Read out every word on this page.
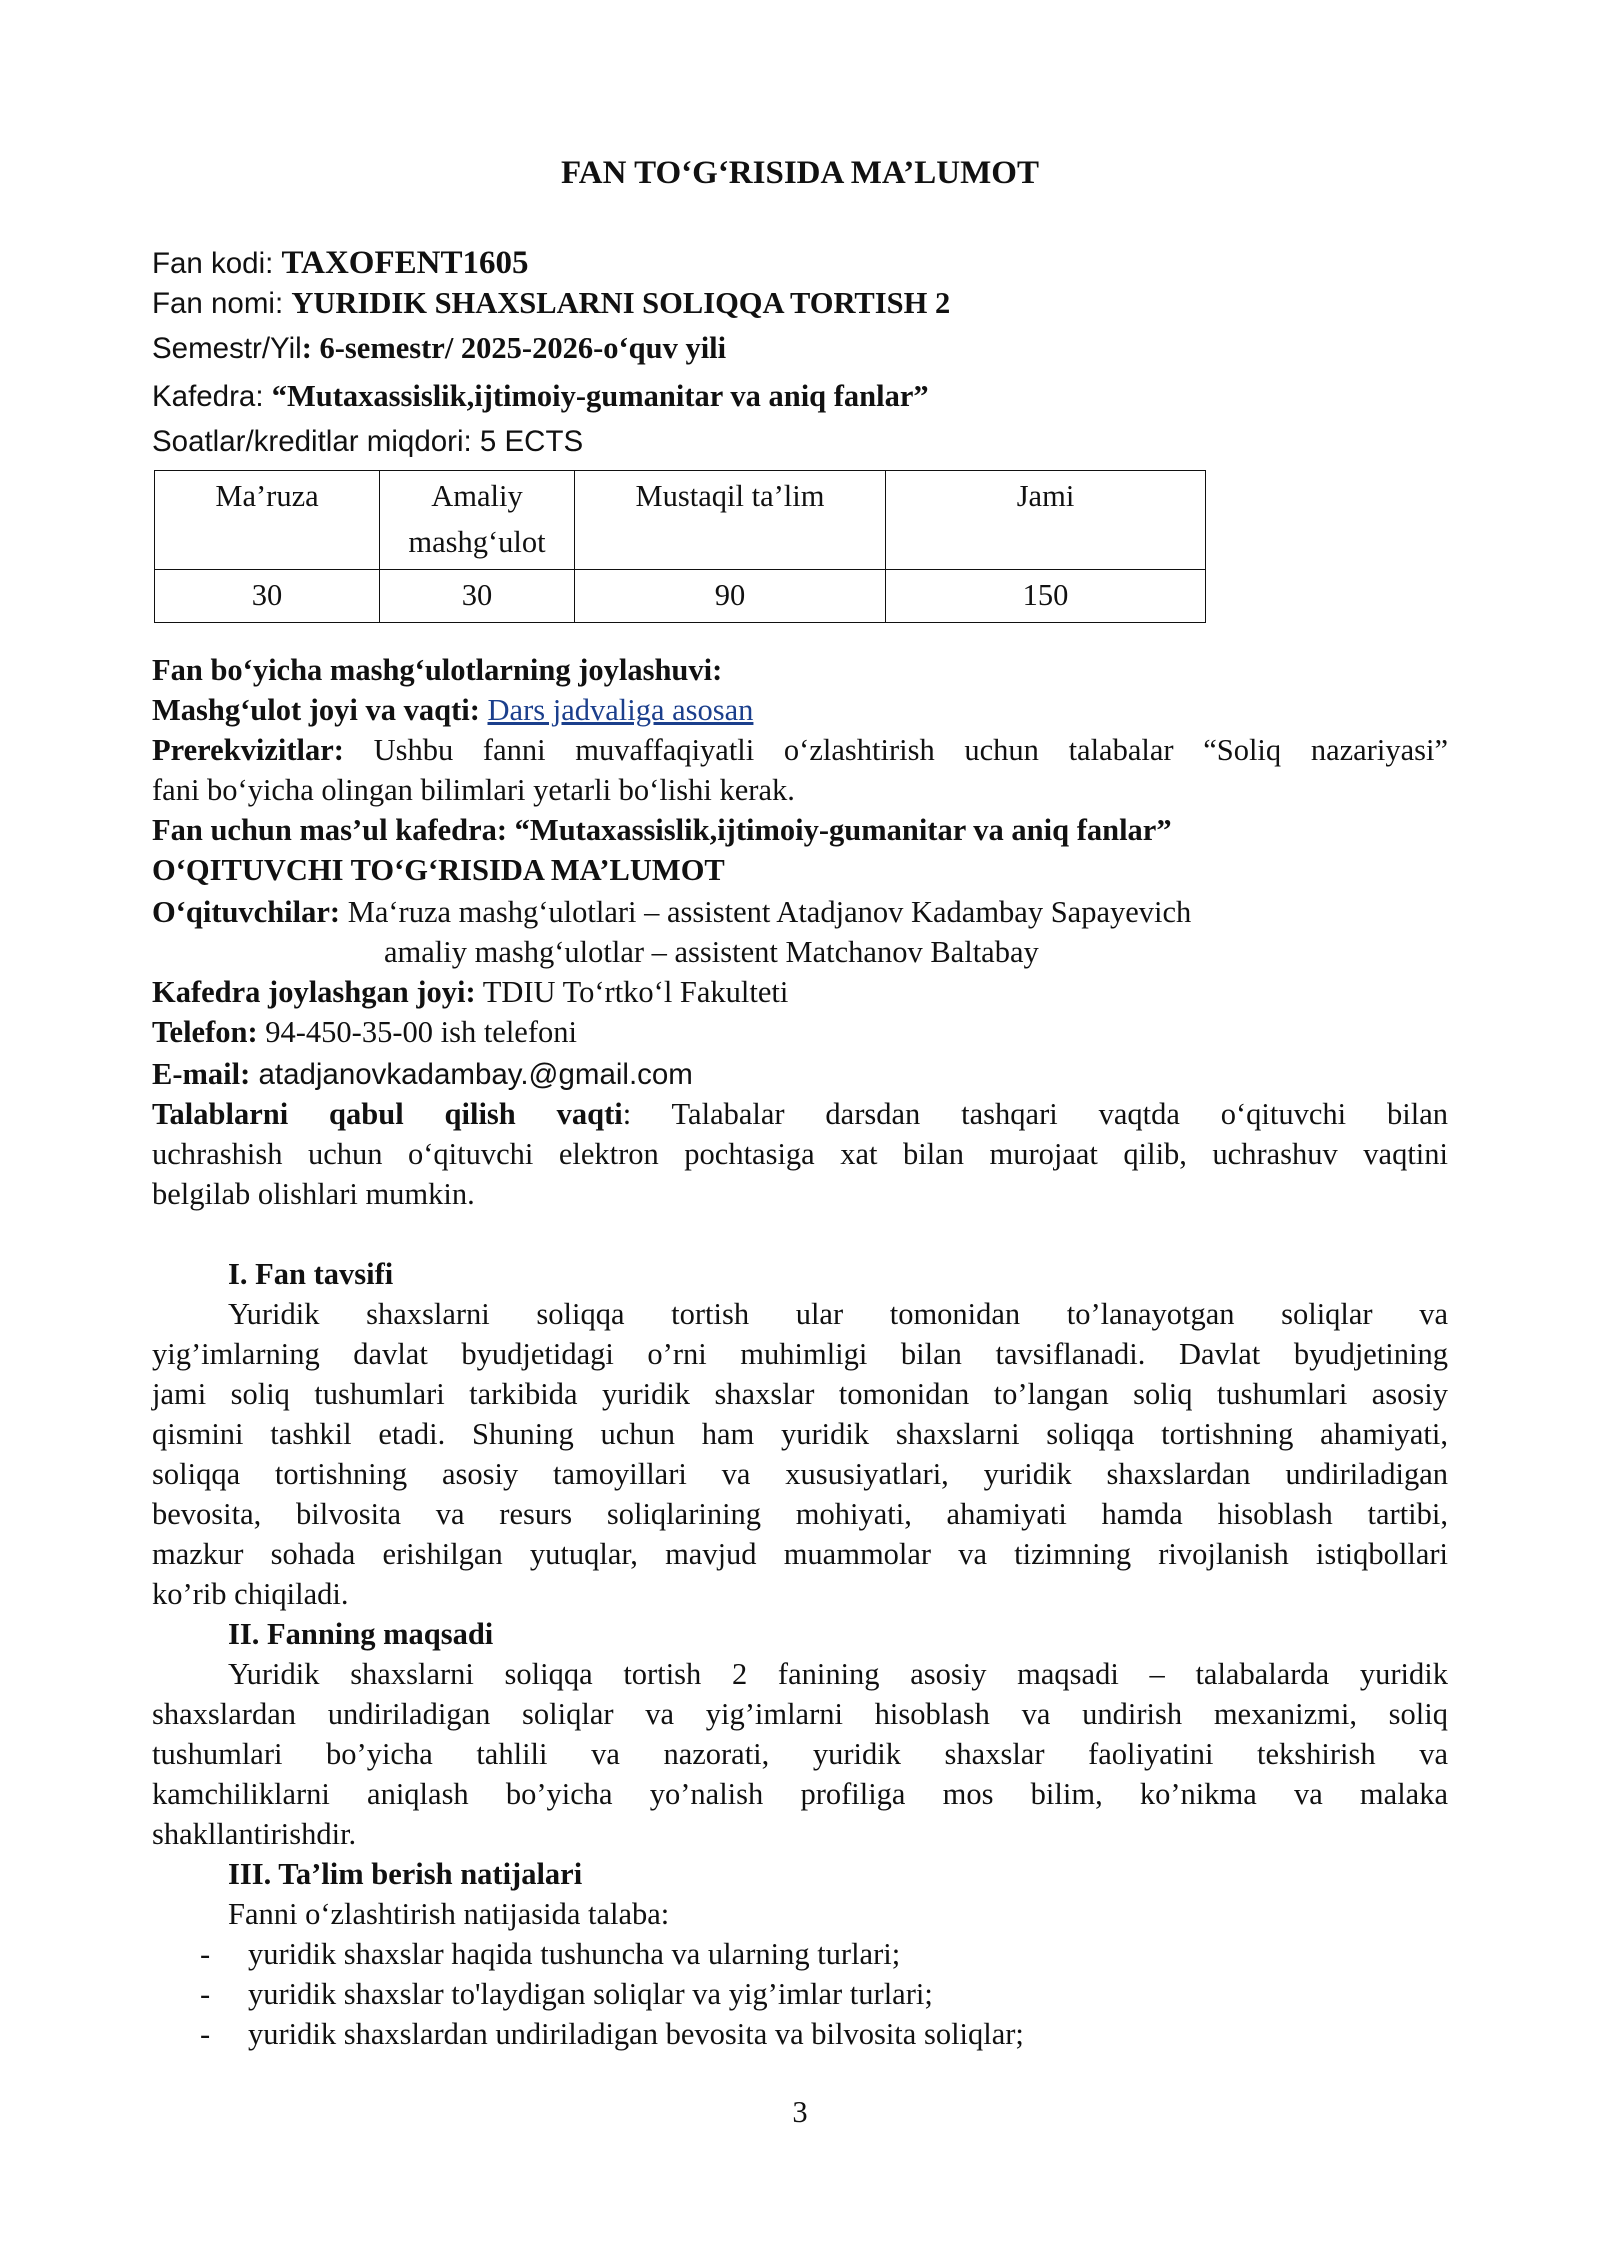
FAN TO‘G‘RISIDA MA’LUMOT
Fan kodi: TAXOFENT1605
Fan nomi: YURIDIK SHAXSLARNI SOLIQQA TORTISH 2
Semestr/Yil: 6-semestr/ 2025-2026-o‘quv yili
Kafedra: “Mutaxassislik,ijtimoiy-gumanitar va aniq fanlar”
Soatlar/kreditlar miqdori: 5 ECTS
Ma’ruza	Amaliy mashg‘ulot	Mustaqil ta’lim	Jami
30	30	90	150
Fan bo‘yicha mashg‘ulotlarning joylashuvi:
Mashg‘ulot joyi va vaqti: Dars jadvaliga asosan
Prerekvizitlar: Ushbu fanni muvaffaqiyatli o‘zlashtirish uchun talabalar “Soliq nazariyasi”
fani bo‘yicha olingan bilimlari yetarli bo‘lishi kerak.
Fan uchun mas’ul kafedra: “Mutaxassislik,ijtimoiy-gumanitar va aniq fanlar”
O‘QITUVCHI TO‘G‘RISIDA MA’LUMOT
O‘qituvchilar: Ma‘ruza mashg‘ulotlari – assistent Atadjanov Kadambay Sapayevich
amaliy mashg‘ulotlar – assistent Matchanov Baltabay
Kafedra joylashgan joyi: TDIU To‘rtko‘l Fakulteti
Telefon: 94-450-35-00 ish telefoni
E-mail: atadjanovkadambay.@gmail.com
Talablarni qabul qilish vaqti: Talabalar darsdan tashqari vaqtda o‘qituvchi bilan
uchrashish uchun o‘qituvchi elektron pochtasiga xat bilan murojaat qilib, uchrashuv vaqtini
belgilab olishlari mumkin.
I. Fan tavsifi
Yuridik shaxslarni soliqqa tortish ular tomonidan to’lanayotgan soliqlar va
yig’imlarning davlat byudjetidagi o’rni muhimligi bilan tavsiflanadi. Davlat byudjetining
jami soliq tushumlari tarkibida yuridik shaxslar tomonidan to’langan soliq tushumlari asosiy
qismini tashkil etadi. Shuning uchun ham yuridik shaxslarni soliqqa tortishning ahamiyati,
soliqqa tortishning asosiy tamoyillari va xususiyatlari, yuridik shaxslardan undiriladigan
bevosita, bilvosita va resurs soliqlarining mohiyati, ahamiyati hamda hisoblash tartibi,
mazkur sohada erishilgan yutuqlar, mavjud muammolar va tizimning rivojlanish istiqbollari
ko’rib chiqiladi.
II. Fanning maqsadi
Yuridik shaxslarni soliqqa tortish 2 fanining asosiy maqsadi – talabalarda yuridik
shaxslardan undiriladigan soliqlar va yig’imlarni hisoblash va undirish mexanizmi, soliq
tushumlari bo’yicha tahlili va nazorati, yuridik shaxslar faoliyatini tekshirish va
kamchiliklarni aniqlash bo’yicha yo’nalish profiliga mos bilim, ko’nikma va malaka
shakllantirishdir.
III. Ta’lim berish natijalari
Fanni o‘zlashtirish natijasida talaba:
- yuridik shaxslar haqida tushuncha va ularning turlari;
- yuridik shaxslar to'laydigan soliqlar va yig’imlar turlari;
- yuridik shaxslardan undiriladigan bevosita va bilvosita soliqlar;
3
